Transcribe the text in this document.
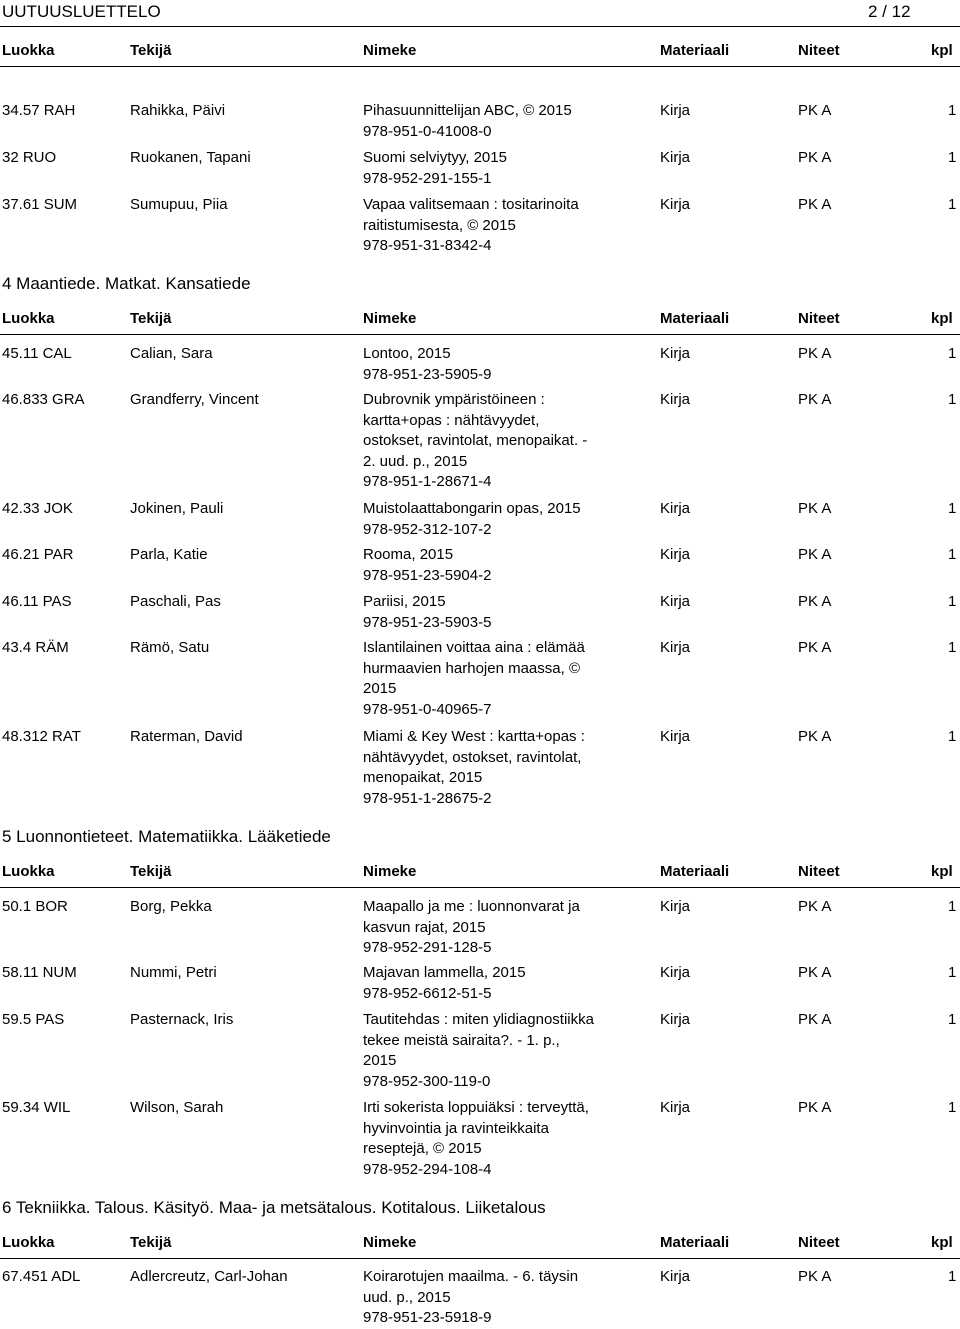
UUTUUSLUETTELO	2 / 12
Luokka	Tekijä	Nimeke	Materiaali	Niteet	kpl
34.57 RAH	Rahikka, Päivi	Pihasuunnittelijan ABC, © 2015
978-951-0-41008-0
Kirja	PK A	1
32 RUO	Ruokanen, Tapani	Suomi selviytyy, 2015
978-952-291-155-1
Kirja	PK A	1
37.61 SUM	Sumupuu, Piia	Vapaa valitsemaan : tositarinoita
raitistumisesta, © 2015
978-951-31-8342-4
Kirja	PK A	1
4 Maantiede. Matkat. Kansatiede
Luokka	Tekijä	Nimeke	Materiaali	Niteet	kpl
45.11 CAL	Calian, Sara	Lontoo, 2015
978-951-23-5905-9
Kirja	PK A	1
46.833 GRA	Grandferry, Vincent	Dubrovnik ympäristöineen :
kartta+opas : nähtävyydet,
ostokset, ravintolat, menopaikat. -
2. uud. p., 2015
978-951-1-28671-4
Kirja	PK A	1
42.33 JOK	Jokinen, Pauli	Muistolaattabongarin opas, 2015
978-952-312-107-2
Kirja	PK A	1
46.21 PAR	Parla, Katie	Rooma, 2015
978-951-23-5904-2
Kirja	PK A	1
46.11 PAS	Paschali, Pas	Pariisi, 2015
978-951-23-5903-5
Kirja	PK A	1
43.4 RÄM	Rämö, Satu	Islantilainen voittaa aina : elämää
hurmaavien harhojen maassa, ©
2015
978-951-0-40965-7
Kirja	PK A	1
48.312 RAT	Raterman, David	Miami & Key West : kartta+opas :
nähtävyydet, ostokset, ravintolat,
menopaikat, 2015
978-951-1-28675-2
Kirja	PK A	1
5 Luonnontieteet. Matematiikka. Lääketiede
Luokka	Tekijä	Nimeke	Materiaali	Niteet	kpl
50.1 BOR	Borg, Pekka	Maapallo ja me : luonnonvarat ja
kasvun rajat, 2015
978-952-291-128-5
Kirja	PK A	1
58.11 NUM	Nummi, Petri	Majavan lammella, 2015
978-952-6612-51-5
Kirja	PK A	1
59.5 PAS	Pasternack, Iris	Tautitehdas : miten ylidiagnostiikka
tekee meistä sairaita?. - 1. p.,
2015
978-952-300-119-0
Kirja	PK A	1
59.34 WIL	Wilson, Sarah	Irti sokerista loppuiäksi : terveyttä,
hyvinvointia ja ravinteikkaita
reseptejä, © 2015
978-952-294-108-4
Kirja	PK A	1
6 Tekniikka. Talous. Käsityö. Maa- ja metsätalous. Kotitalous. Liiketalous
Luokka	Tekijä	Nimeke	Materiaali	Niteet	kpl
67.451 ADL	Adlercreutz, Carl-Johan	Koirarotujen maailma. - 6. täysin
uud. p., 2015
978-951-23-5918-9
Kirja	PK A	1
